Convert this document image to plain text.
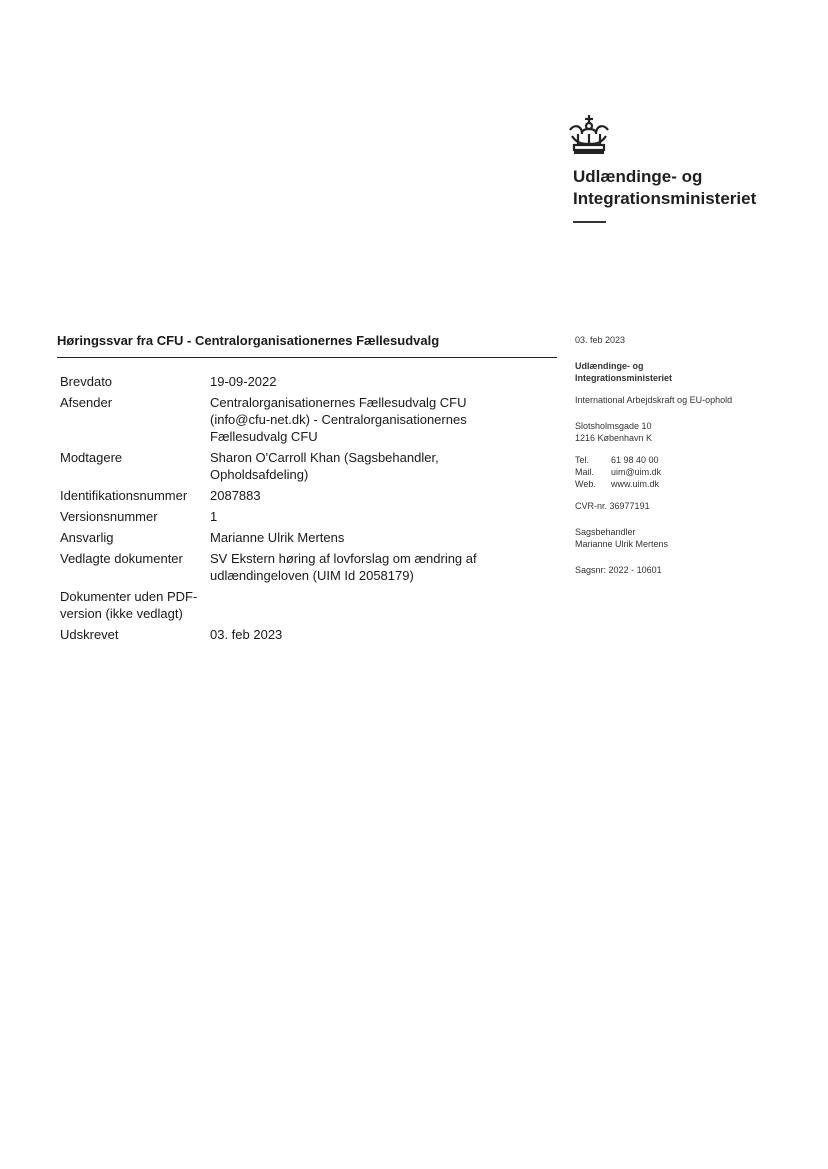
Udlændinge- og
Integrationsministeriet
Høringssvar fra CFU - Centralorganisationernes Fællesudvalg
Brevdato	19-09-2022
Afsender	Centralorganisationernes Fællesudvalg CFU (info@cfu-net.dk) - Centralorganisationernes Fællesudvalg CFU
Modtagere	Sharon O'Carroll Khan (Sagsbehandler, Opholdsafdeling)
Identifikationsnummer	2087883
Versionsnummer	1
Ansvarlig	Marianne Ulrik Mertens
Vedlagte dokumenter	SV Ekstern høring af lovforslag om ændring af udlændingeloven (UIM Id 2058179)
Dokumenter uden PDF-version (ikke vedlagt)
Udskrevet	03. feb 2023
03. feb 2023
Udlændinge- og
Integrationsministeriet
International Arbejdskraft og EU-ophold
Slotsholmsgade 10
1216 København K
Tel.	61 98 40 00
Mail.	uim@uim.dk
Web.	www.uim.dk
CVR-nr. 36977191
Sagsbehandler
Marianne Ulrik Mertens
Sagsnr: 2022 - 10601
